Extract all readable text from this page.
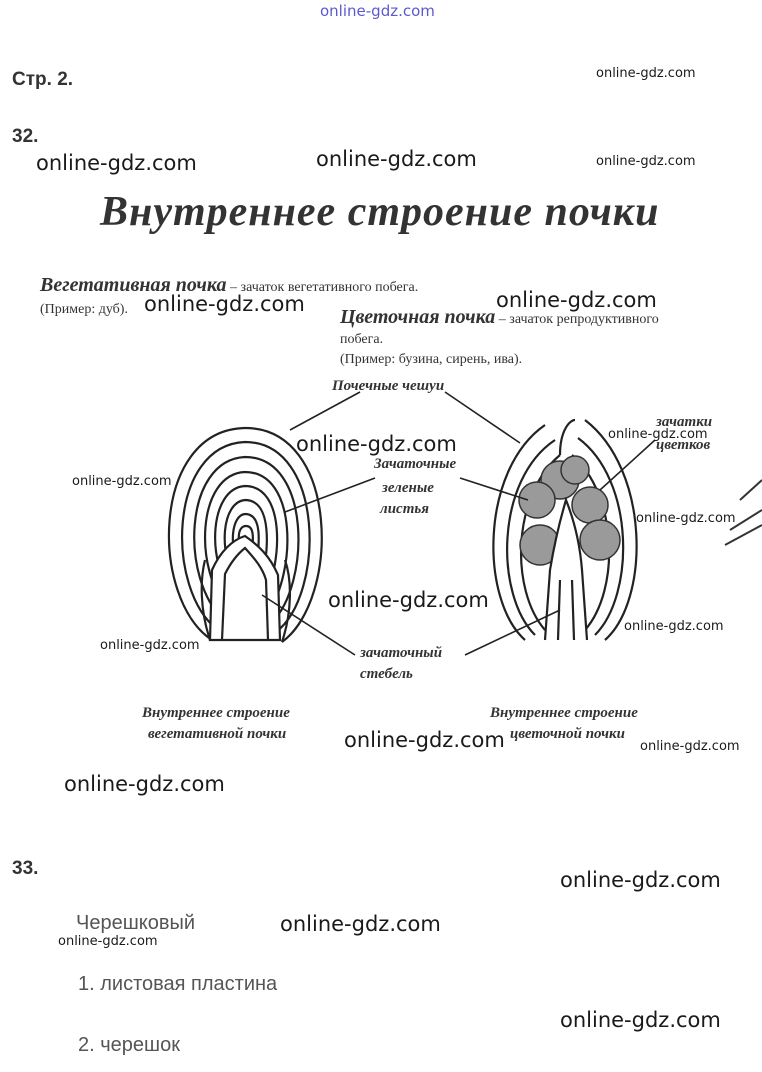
online-gdz.com
Стр. 2.
32.
Внутреннее строение почки
Вегетативная почка – зачаток вегетативного побега.
(Пример: дуб).	Цветочная почка – зачаток репродуктивного
побега.
(Пример: бузина, сирень, ива).
Почечные чешуи
Зачаточные
зеленые
листья
зачатки
цветков
зачаточный
стебель
Внутреннее строение
вегетативной почки
Внутреннее строение
цветочной почки
33.
Черешковый
1. листовая пластина
2. черешок
online-gdz.com
online-gdz.com	online-gdz.com	online-gdz.com
online-gdz.com	online-gdz.com
online-gdz.com	online-gdz.com
online-gdz.com
online-gdz.com
online-gdz.com
online-gdz.com
online-gdz.com
online-gdz.com	online-gdz.com
online-gdz.com
online-gdz.com
online-gdz.com
online-gdz.com
online-gdz.com
